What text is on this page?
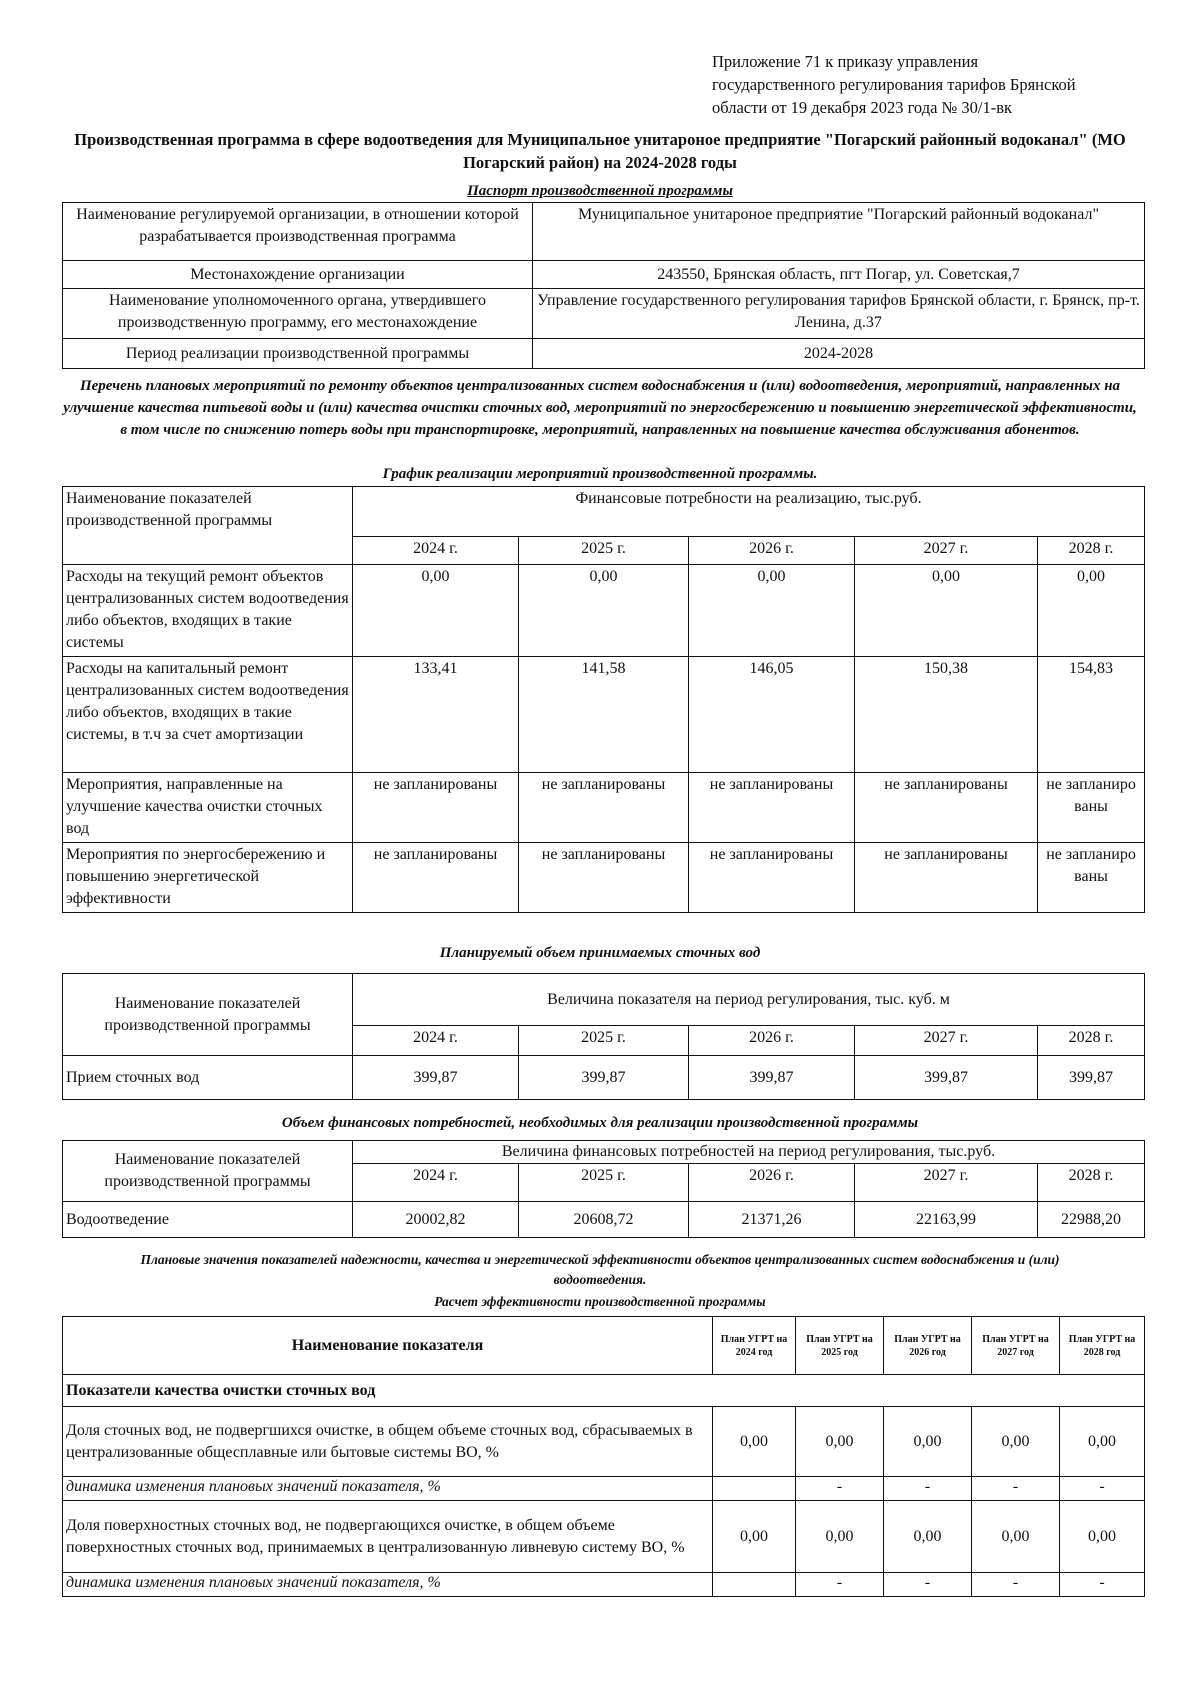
Приложение 71 к приказу управления
государственного регулирования тарифов Брянской
области от 19 декабря 2023 года № 30/1-вк
Производственная программа в сфере водоотведения для Муниципальное унитароное предприятие "Погарский районный водоканал" (МО Погарский район) на 2024-2028 годы
Паспорт производственной программы
Наименование регулируемой организации, в отношении которой разрабатывается производственная программа	Муниципальное унитароное предприятие "Погарский районный водоканал"
Местонахождение организации	243550, Брянская область, пгт Погар, ул. Советская,7
Наименование уполномоченного органа, утвердившего производственную программу, его местонахождение	Управление государственного регулирования тарифов Брянской области, г. Брянск, пр-т. Ленина, д.37
Период реализации производственной программы	2024-2028
Перечень плановых мероприятий по ремонту объектов централизованных систем водоснабжения и (или) водоотведения, мероприятий, направленных на улучшение качества питьевой воды и (или) качества очистки сточных вод, мероприятий по энергосбережению и повышению энергетической эффективности, в том числе по снижению потерь воды при транспортировке, мероприятий, направленных на повышение качества обслуживания абонентов.
График реализации мероприятий производственной программы.
Наименование показателей производственной программы	Финансовые потребности на реализацию, тыс.руб.				
	2024 г.	2025 г.	2026 г.	2027 г.	2028 г.
Расходы на текущий ремонт объектов централизованных систем водоотведения либо объектов, входящих в такие системы	0,00	0,00	0,00	0,00	0,00
Расходы на капитальный ремонт централизованных систем водоотведения либо объектов, входящих в такие системы, в т.ч за счет амортизации	133,41	141,58	146,05	150,38	154,83
Мероприятия, направленные на улучшение качества очистки сточных вод	не запланированы	не запланированы	не запланированы	не запланированы	не запланиро ваны
Мероприятия по энергосбережению и повышению энергетической эффективности	не запланированы	не запланированы	не запланированы	не запланированы	не запланиро ваны
Планируемый объем принимаемых сточных вод
Наименование показателей производственной программы	Величина показателя на период регулирования, тыс. куб. м				
	2024 г.	2025 г.	2026 г.	2027 г.	2028 г.
Прием сточных вод	399,87	399,87	399,87	399,87	399,87
Объем финансовых потребностей, необходимых для реализации производственной программы
Наименование показателей производственной программы	Величина финансовых потребностей на период регулирования, тыс.руб.				
	2024 г.	2025 г.	2026 г.	2027 г.	2028 г.
Водоотведение	20002,82	20608,72	21371,26	22163,99	22988,20
Плановые значения показателей надежности, качества и энергетической эффективности объектов централизованных систем водоснабжения и (или) водоотведения.
Расчет эффективности производственной программы
Наименование показателя	План УГРТ на 2024 год	План УГРТ на 2025 год	План УГРТ на 2026 год	План УГРТ на 2027 год	План УГРТ на 2028 год
Показатели качества очистки сточных вод					
Доля сточных вод, не подвергшихся очистке, в общем объеме сточных вод, сбрасываемых в централизованные общесплавные или бытовые системы ВО, %	0,00	0,00	0,00	0,00	0,00
динамика изменения плановых значений показателя, %		-	-	-	-
Доля поверхностных сточных вод, не подвергающихся очистке, в общем объеме поверхностных сточных вод, принимаемых в централизованную ливневую систему ВО, %	0,00	0,00	0,00	0,00	0,00
динамика изменения плановых значений показателя, %		-	-	-	-
